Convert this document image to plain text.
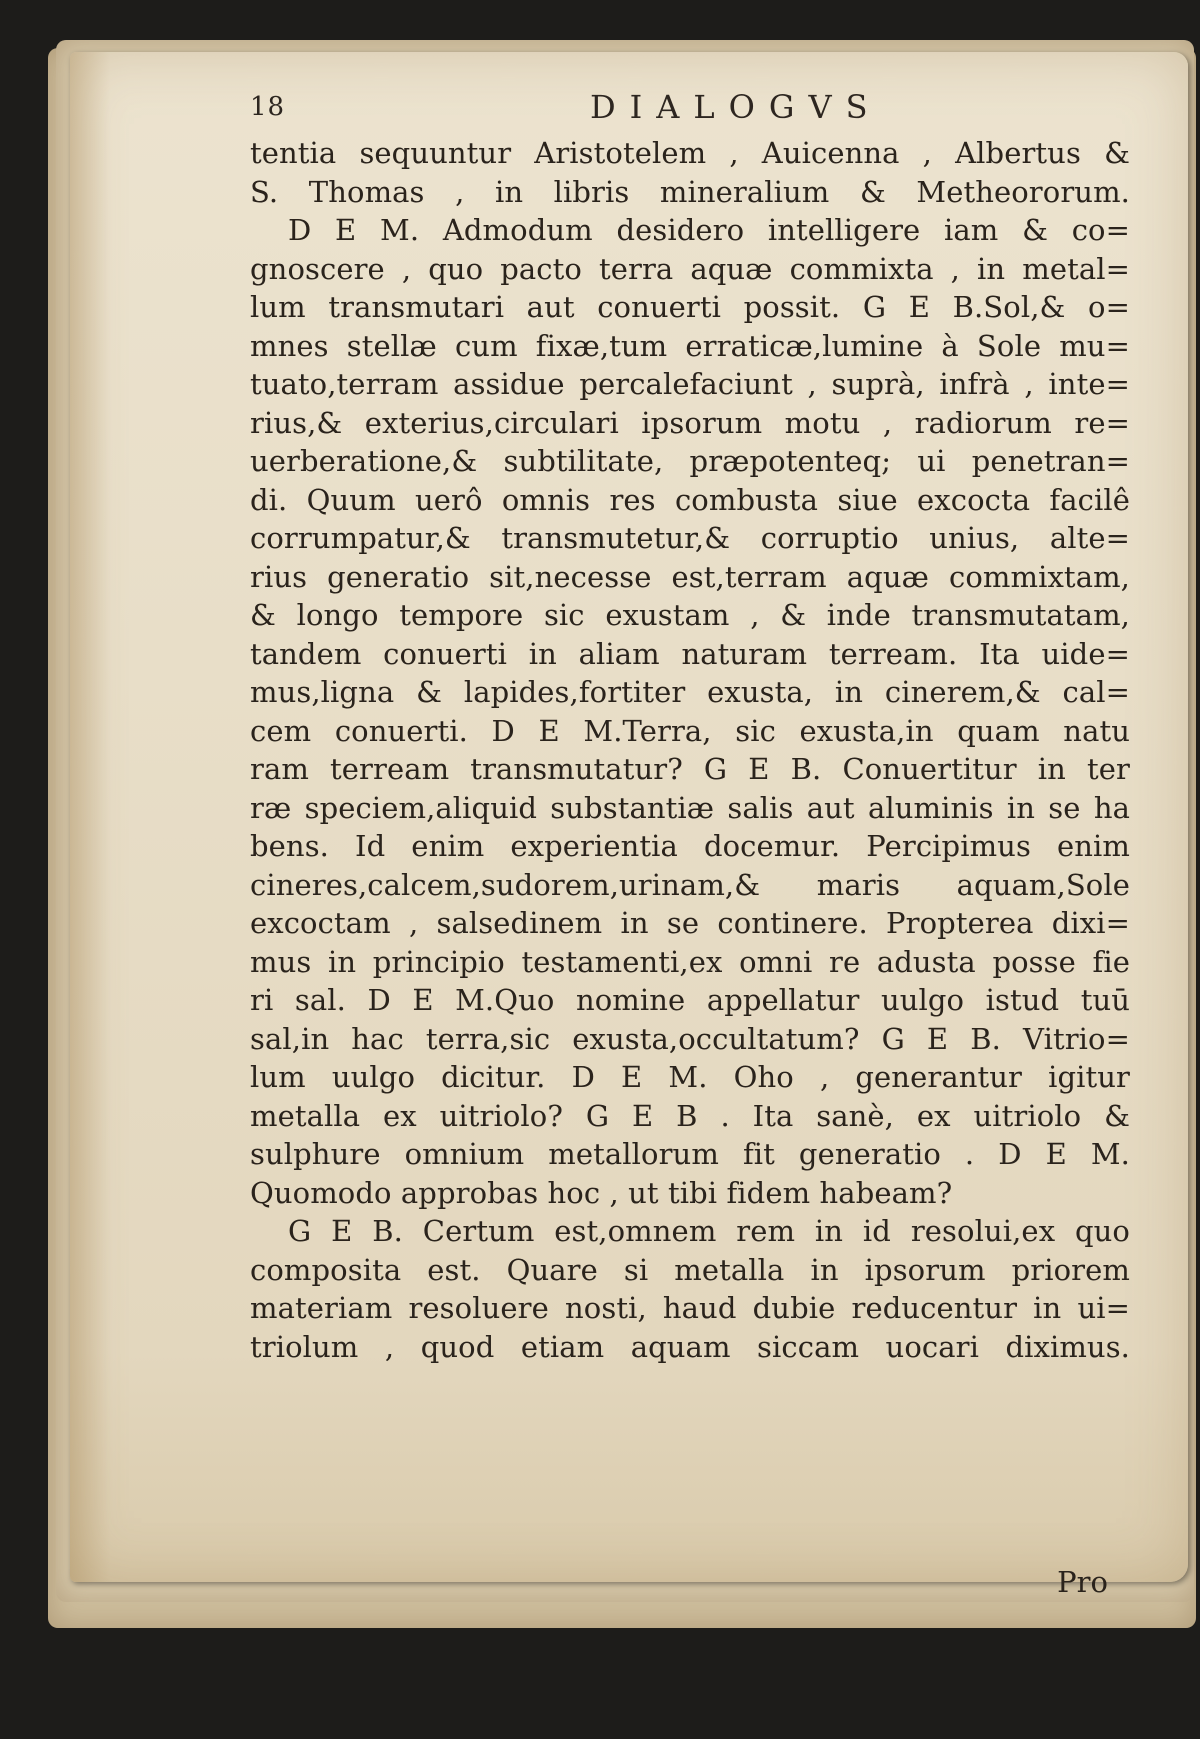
18	DIALOGVS
tentia sequuntur Aristotelem , Auicenna , Albertus &
S. Thomas , in libris mineralium & Metheororum.
D E M. Admodum desidero intelligere iam & co=
gnoscere , quo pacto terra aquæ commixta , in metal=
lum transmutari aut conuerti possit. G E B.Sol,& o=
mnes stellæ cum fixæ,tum erraticæ,lumine à Sole mu=
tuato,terram assidue percalefaciunt , suprà, infrà , inte=
rius,& exterius,circulari ipsorum motu , radiorum re=
uerberatione,& subtilitate, præpotenteq; ui penetran=
di. Quum uerô omnis res combusta siue excocta facilê
corrumpatur,& transmutetur,& corruptio unius, alte=
rius generatio sit,necesse est,terram aquæ commixtam,
& longo tempore sic exustam , & inde transmutatam,
tandem conuerti in aliam naturam terream. Ita uide=
mus,ligna & lapides,fortiter exusta, in cinerem,& cal=
cem conuerti. D E M.Terra, sic exusta,in quam natu
ram terream transmutatur? G E B. Conuertitur in ter
ræ speciem,aliquid substantiæ salis aut aluminis in se ha
bens. Id enim experientia docemur. Percipimus enim
cineres,calcem,sudorem,urinam,& maris aquam,Sole
excoctam , salsedinem in se continere. Propterea dixi=
mus in principio testamenti,ex omni re adusta posse fie
ri sal. D E M.Quo nomine appellatur uulgo istud tuū
sal,in hac terra,sic exusta,occultatum? G E B. Vitrio=
lum uulgo dicitur. D E M. Oho , generantur igitur
metalla ex uitriolo? G E B . Ita sanè, ex uitriolo &
sulphure omnium metallorum fit generatio . D E M.
Quomodo approbas hoc , ut tibi fidem habeam?
G E B. Certum est,omnem rem in id resolui,ex quo
composita est. Quare si metalla in ipsorum priorem
materiam resoluere nosti, haud dubie reducentur in ui=
triolum , quod etiam aquam siccam uocari diximus.
Pro
